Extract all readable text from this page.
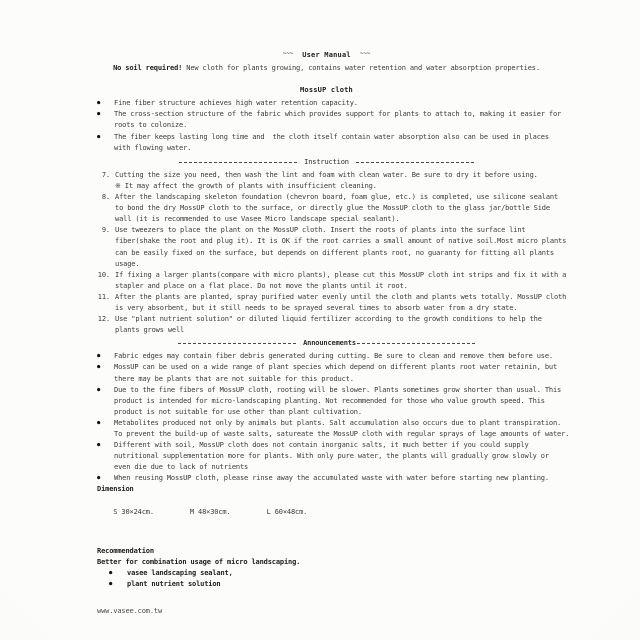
~~~ User Manual ~~~
No soil required! New cloth for plants growing, contains water retention and water absorption properties.
MossUP cloth
●	Fine fiber structure achieves high water retention capacity.
●	The cross-section structure of the fabric which provides support for plants to attach to, making it easier for
roots to colonize.
●	The fiber keeps lasting long time and  the cloth itself contain water absorption also can be used in places
with flowing water.
Instruction
7. Cutting the size you need, then wash the lint and foam with clean water. Be sure to dry it before using.
※ It may affect the growth of plants with insufficient cleaning.
8. After the landscaping skeleton foundation (chevron board, foam glue, etc.) is completed, use silicone sealant
to bond the dry MossUP cloth to the surface, or directly glue the MossUP cloth to the glass jar/bottle Side
wall (it is recommended to use Vasee Micro landscape special sealant).
9. Use tweezers to place the plant on the MossUP cloth. Insert the roots of plants into the surface lint
fiber(shake the root and plug it). It is OK if the root carries a small amount of native soil.Most micro plants
can be easily fixed on the surface, but depends on different plants root, no guaranty for fitting all plants
usage.
10. If fixing a larger plants(compare with micro plants), please cut this MossUP cloth int strips and fix it with a
stapler and place on a flat place. Do not move the plants until it root.
11. After the plants are planted, spray purified water evenly until the cloth and plants wets totally. MossUP cloth
is very absorbent, but it still needs to be sprayed several times to absorb water from a dry state.
12. Use "plant nutrient solution" or diluted liquid fertilizer according to the growth conditions to help the
plants grows well
Announcements
●	Fabric edges may contain fiber debris generated during cutting. Be sure to clean and remove them before use.
●	MossUP can be used on a wide range of plant species which depend on different plants root water retainin, but
there may be plants that are not suitable for this product.
●	Due to the fine fibers of MossUP cloth, rooting will be slower. Plants sometimes grow shorter than usual. This
product is intended for micro-landscaping planting. Not recommended for those who value growth speed. This
product is not suitable for use other than plant cultivation.
●	Metabolites produced not only by animals but plants. Salt accumulation also occurs due to plant transpiration.
To prevent the build-up of waste salts, satureate the MossUP cloth with regular sprays of lage amounts of water.
●	Different with soil, MossUP cloth does not contain inorganic salts, it much better if you could supply
nutritional supplementation more for plants. With only pure water, the plants will gradually grow slowly or
even die due to lack of nutrients
●	When reusing MossUP cloth, please rinse away the accumulated waste with water before starting new planting.
Dimension

S 30×24cm.	M 48×30cm.	L 60×48cm.

Recommendation
Better for combination usage of micro landscaping.
●	vasee landscaping sealant,
●	plant nutrient solution
www.vasee.com.tw
